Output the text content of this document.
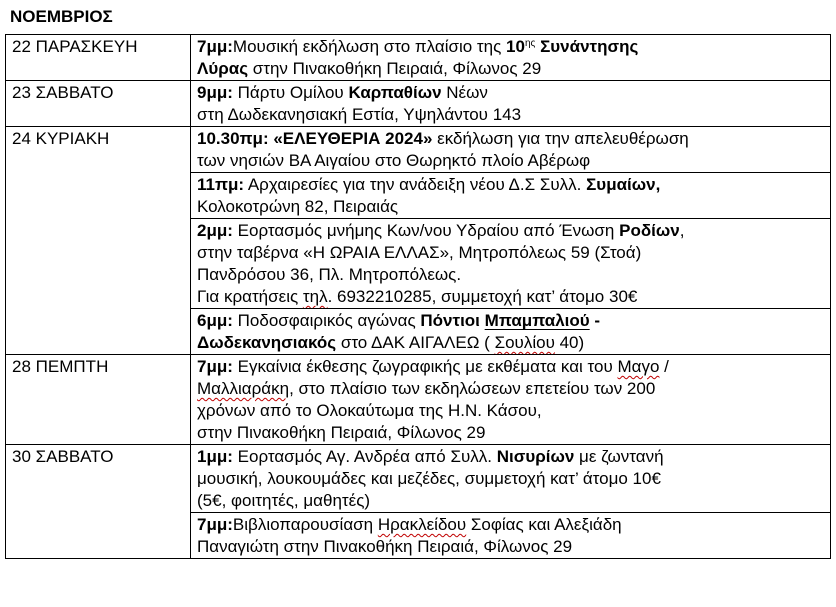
ΝΟΕΜΒΡΙΟΣ
22 ΠΑΡΑΣΚΕΥΗ	7μμ:Μουσική εκδήλωση στο πλαίσιο της $10^{\eta\varsigma}$ Συνάντησης
Λύρας στην Πινακοθήκη Πειραιά, Φίλωνος 29

23 ΣΑΒΒΑΤΟ	9μμ: Πάρτυ Ομίλου Καρπαθίων Νέων
στη Δωδεκανησιακή Εστία, Υψηλάντου 143

24 ΚΥΡΙΑΚΗ	10.30πμ: «ΕΛΕΥΘΕΡΙΑ 2024» εκδήλωση για την απελευθέρωση
των νησιών ΒΑ Αιγαίου στο Θωρηκτό πλοίο Αβέρωφ

	11πμ: Αρχαιρεσίες για την ανάδειξη νέου Δ.Σ Συλλ. Συμαίων,
Κολοκοτρώνη 82, Πειραιάς

	2μμ: Εορτασμός μνήμης Κων/νου Υδραίου από Ένωση Ροδίων,
στην ταβέρνα «Η ΩΡΑΙΑ ΕΛΛΑΣ», Μητροπόλεως 59 (Στοά)
Πανδρόσου 36, Πλ. Μητροπόλεως.
Για κρατήσεις τηλ. 6932210285, συμμετοχή κατ’ άτομο 30€

	6μμ: Ποδοσφαιρικός αγώνας Πόντιοι Μπαμπαλιού -
Δωδεκανησιακός στο ΔΑΚ ΑΙΓΑΛΕΩ ( Σουλίου 40)

28 ΠΕΜΠΤΗ	7μμ: Εγκαίνια έκθεσης ζωγραφικής με εκθέματα και του Μαγο /
Μαλλιαράκη, στο πλαίσιο των εκδηλώσεων επετείου των 200
χρόνων από το Ολοκαύτωμα της Η.Ν. Κάσου,
στην Πινακοθήκη Πειραιά, Φίλωνος 29

30 ΣΑΒΒΑΤΟ	1μμ: Εορτασμός Αγ. Ανδρέα από Συλλ. Νισυρίων με ζωντανή
μουσική, λουκουμάδες και μεζέδες, συμμετοχή κατ’ άτομο 10€
(5€, φοιτητές, μαθητές)

	7μμ:Βιβλιοπαρουσίαση Ηρακλείδου Σοφίας και Αλεξιάδη
Παναγιώτη στην Πινακοθήκη Πειραιά, Φίλωνος 29
